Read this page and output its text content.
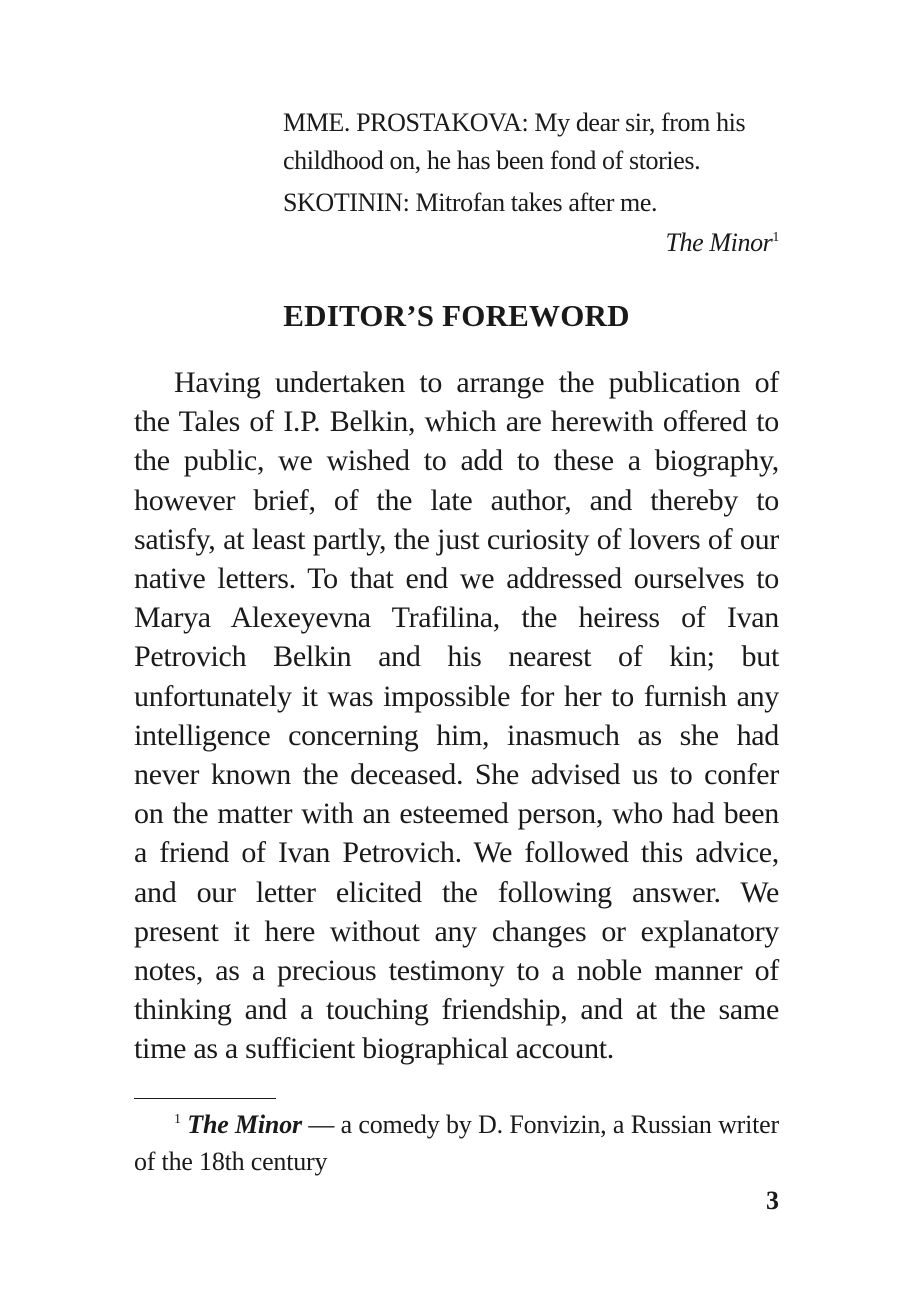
MME. PROSTAKOVA: My dear sir, from his childhood on, he has been fond of stories.

SKOTININ: Mitrofan takes after me.

The Minor$^1$
EDITOR’S FOREWORD

Having undertaken to arrange the publication of the Tales of I.P. Belkin, which are herewith offered to the public, we wished to add to these a biography, however brief, of the late author, and thereby to satisfy, at least partly, the just curiosity of lovers of our native letters. To that end we addressed ourselves to Marya Alexeyevna Trafilina, the heiress of Ivan Petrovich Belkin and his nearest of kin; but unfortunately it was impossible for her to furnish any intelligence concerning him, inasmuch as she had never known the deceased. She advised us to confer on the matter with an esteemed person, who had been a friend of Ivan Petrovich. We followed this advice, and our letter elicited the following answer. We present it here without any changes or explanatory notes, as a precious testimony to a noble manner of thinking and a touching friendship, and at the same time as a sufficient biographical account.

$^1$ The Minor — a comedy by D. Fonvizin, a Russian writer of the 18th century

3
